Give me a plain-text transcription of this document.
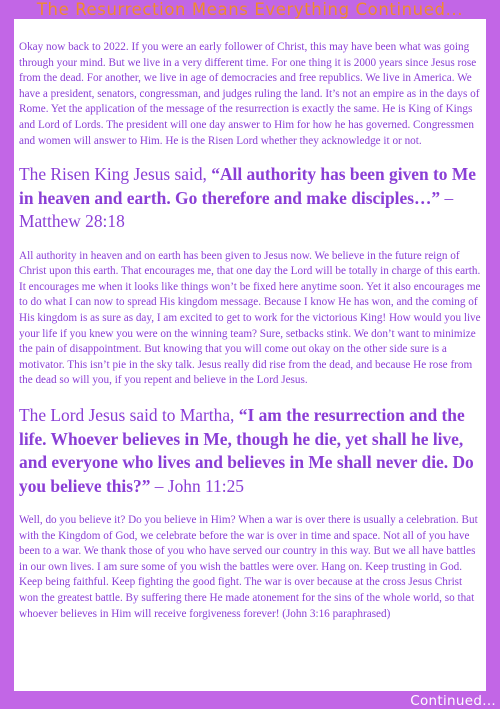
The Resurrection Means Everything Continued...

Okay now back to 2022. If you were an early follower of Christ, this may have been what was going through your mind. But we live in a very different time. For one thing it is 2000 years since Jesus rose from the dead. For another, we live in age of democracies and free republics. We live in America. We have a president, senators, congressman, and judges ruling the land. It’s not an empire as in the days of Rome. Yet the application of the message of the resurrection is exactly the same. He is King of Kings and Lord of Lords. The president will one day answer to Him for how he has governed. Congressmen and women will answer to Him. He is the Risen Lord whether they acknowledge it or not.

The Risen King Jesus said, “All authority has been given to Me in heaven and earth. Go therefore and make disciples…” – Matthew 28:18

All authority in heaven and on earth has been given to Jesus now. We believe in the future reign of Christ upon this earth. That encourages me, that one day the Lord will be totally in charge of this earth. It encourages me when it looks like things won’t be fixed here anytime soon. Yet it also encourages me to do what I can now to spread His kingdom message. Because I know He has won, and the coming of His kingdom is as sure as day, I am excited to get to work for the victorious King! How would you live your life if you knew you were on the winning team? Sure, setbacks stink. We don’t want to minimize the pain of disappointment. But knowing that you will come out okay on the other side sure is a motivator. This isn’t pie in the sky talk. Jesus really did rise from the dead, and because He rose from the dead so will you, if you repent and believe in the Lord Jesus.

The Lord Jesus said to Martha, “I am the resurrection and the life. Whoever believes in Me, though he die, yet shall he live, and everyone who lives and believes in Me shall never die. Do you believe this?” – John 11:25

Well, do you believe it? Do you believe in Him? When a war is over there is usually a celebration. But with the Kingdom of God, we celebrate before the war is over in time and space. Not all of you have been to a war. We thank those of you who have served our country in this way. But we all have battles in our own lives. I am sure some of you wish the battles were over. Hang on. Keep trusting in God. Keep being faithful. Keep fighting the good fight. The war is over because at the cross Jesus Christ won the greatest battle. By suffering there He made atonement for the sins of the whole world, so that whoever believes in Him will receive forgiveness forever! (John 3:16 paraphrased)

Continued...
